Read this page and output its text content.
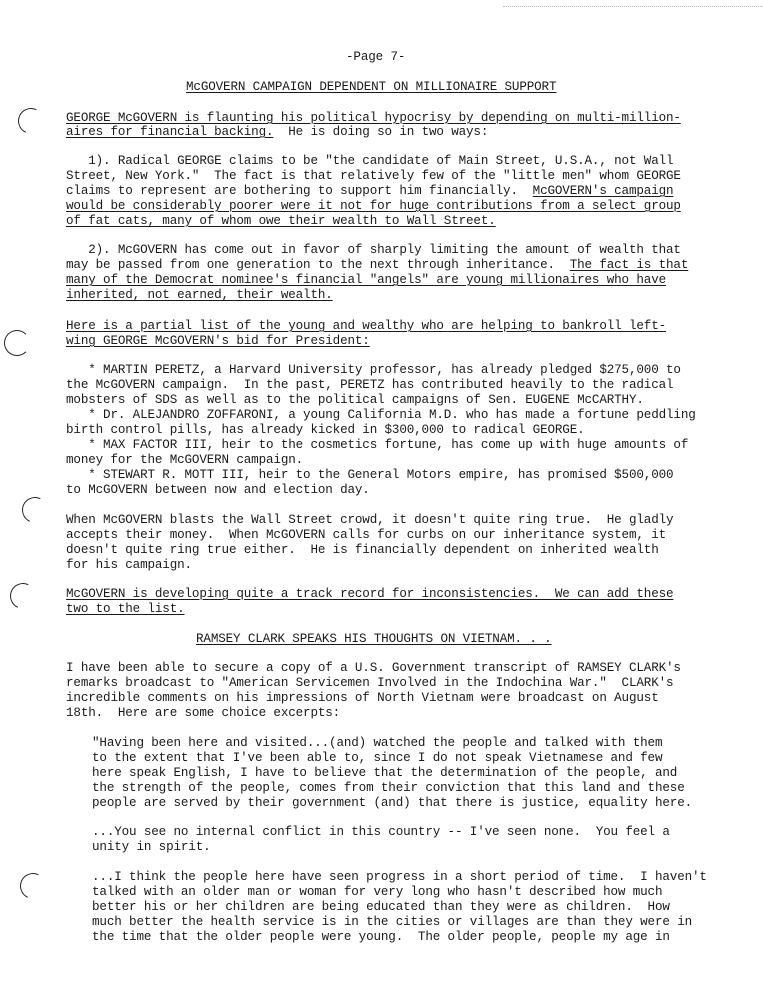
-Page 7-
McGOVERN CAMPAIGN DEPENDENT ON MILLIONAIRE SUPPORT
GEORGE McGOVERN is flaunting his political hypocrisy by depending on multi-million-
aires for financial backing.  He is doing so in two ways:
1). Radical GEORGE claims to be "the candidate of Main Street, U.S.A., not Wall
Street, New York."  The fact is that relatively few of the "little men" whom GEORGE
claims to represent are bothering to support him financially.  McGOVERN's campaign
would be considerably poorer were it not for huge contributions from a select group
of fat cats, many of whom owe their wealth to Wall Street.
2). McGOVERN has come out in favor of sharply limiting the amount of wealth that
may be passed from one generation to the next through inheritance.  The fact is that
many of the Democrat nominee's financial "angels" are young millionaires who have
inherited, not earned, their wealth.
Here is a partial list of the young and wealthy who are helping to bankroll left-
wing GEORGE McGOVERN's bid for President:
* MARTIN PERETZ, a Harvard University professor, has already pledged $275,000 to
the McGOVERN campaign.  In the past, PERETZ has contributed heavily to the radical
mobsters of SDS as well as to the political campaigns of Sen. EUGENE McCARTHY.
* Dr. ALEJANDRO ZOFFARONI, a young California M.D. who has made a fortune peddling
birth control pills, has already kicked in $300,000 to radical GEORGE.
* MAX FACTOR III, heir to the cosmetics fortune, has come up with huge amounts of
money for the McGOVERN campaign.
* STEWART R. MOTT III, heir to the General Motors empire, has promised $500,000
to McGOVERN between now and election day.
When McGOVERN blasts the Wall Street crowd, it doesn't quite ring true.  He gladly
accepts their money.  When McGOVERN calls for curbs on our inheritance system, it
doesn't quite ring true either.  He is financially dependent on inherited wealth
for his campaign.
McGOVERN is developing quite a track record for inconsistencies.  We can add these
two to the list.
RAMSEY CLARK SPEAKS HIS THOUGHTS ON VIETNAM. . .
I have been able to secure a copy of a U.S. Government transcript of RAMSEY CLARK's
remarks broadcast to "American Servicemen Involved in the Indochina War."  CLARK's
incredible comments on his impressions of North Vietnam were broadcast on August
18th.  Here are some choice excerpts:
"Having been here and visited...(and) watched the people and talked with them
to the extent that I've been able to, since I do not speak Vietnamese and few
here speak English, I have to believe that the determination of the people, and
the strength of the people, comes from their conviction that this land and these
people are served by their government (and) that there is justice, equality here.
...You see no internal conflict in this country -- I've seen none.  You feel a
unity in spirit.
...I think the people here have seen progress in a short period of time.  I haven't
talked with an older man or woman for very long who hasn't described how much
better his or her children are being educated than they were as children.  How
much better the health service is in the cities or villages are than they were in
the time that the older people were young.  The older people, people my age in
